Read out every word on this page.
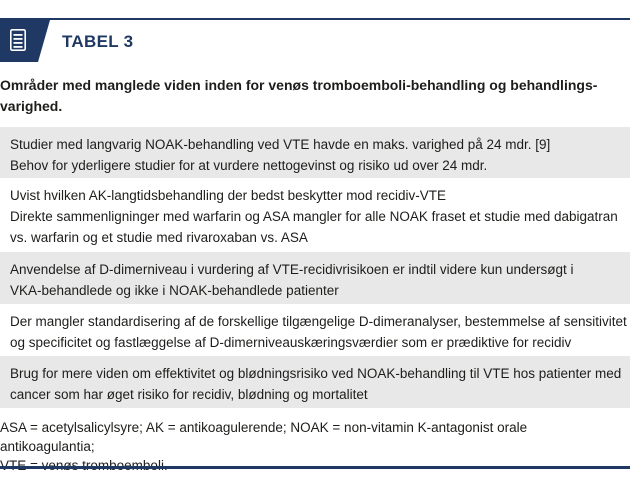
TABEL 3
Områder med manglede viden inden for venøs tromboemboli-behandling og behandlings-
varighed.
Studier med langvarig NOAK-behandling ved VTE havde en maks. varighed på 24 mdr. [9]
Behov for yderligere studier for at vurdere nettogevinst og risiko ud over 24 mdr.
Uvist hvilken AK-langtidsbehandling der bedst beskytter mod recidiv-VTE
Direkte sammenligninger med warfarin og ASA mangler for alle NOAK fraset et studie med dabigatran
vs. warfarin og et studie med rivaroxaban vs. ASA
Anvendelse af D-dimerniveau i vurdering af VTE-recidivrisikoen er indtil videre kun undersøgt i
VKA-behandlede og ikke i NOAK-behandlede patienter
Der mangler standardisering af de forskellige tilgængelige D-dimeranalyser, bestemmelse af sensitivitet
og specificitet og fastlæggelse af D-dimerniveauskæringsværdier som er prædiktive for recidiv
Brug for mere viden om effektivitet og blødningsrisiko ved NOAK-behandling til VTE hos patienter med
cancer som har øget risiko for recidiv, blødning og mortalitet
ASA = acetylsalicylsyre; AK = antikoagulerende; NOAK = non-vitamin K-antagonist orale antikoagulantia;
